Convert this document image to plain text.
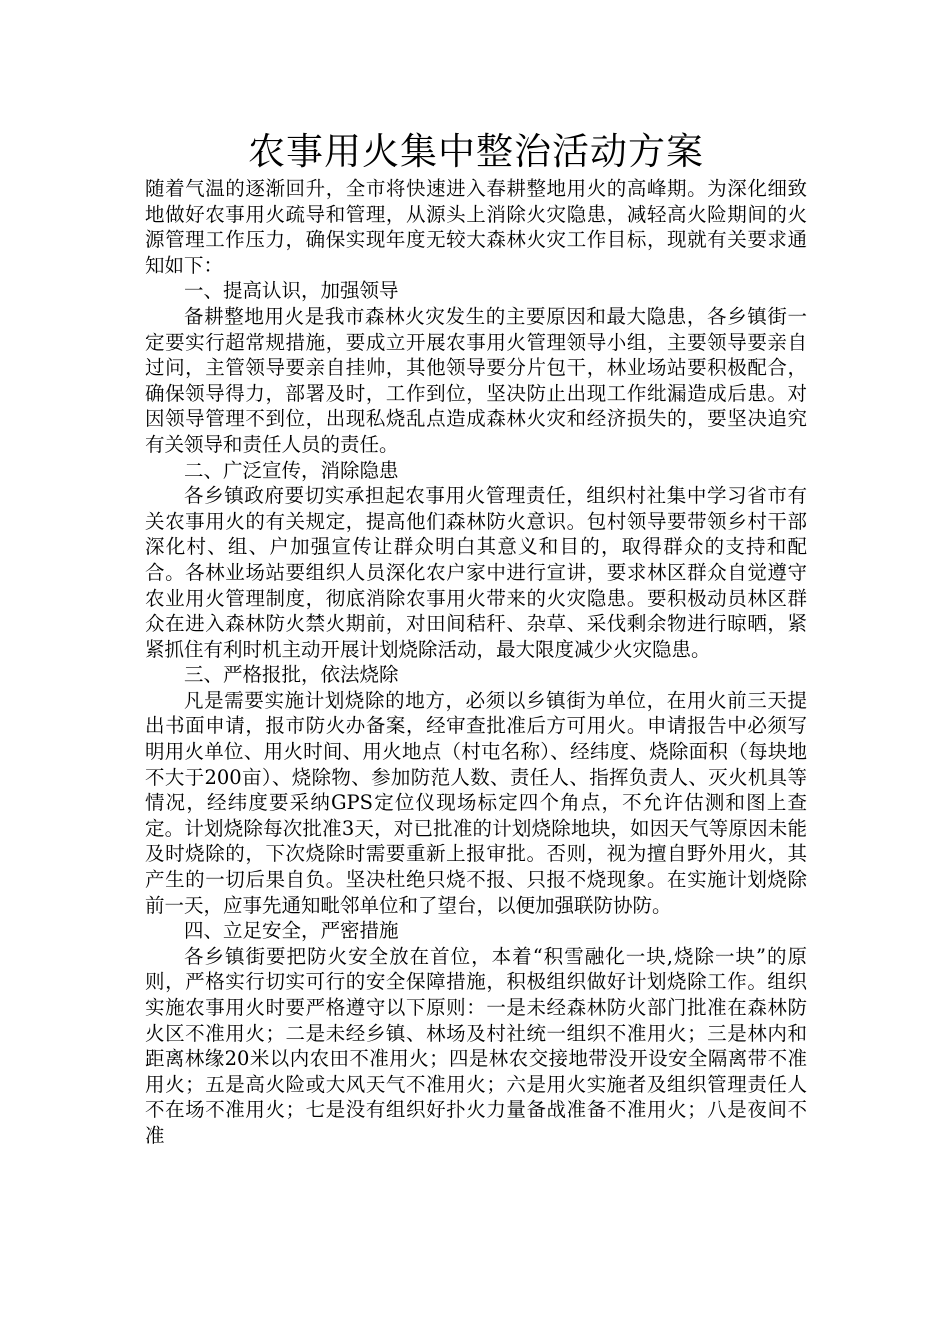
农事用火集中整治活动方案

随着气温的逐渐回升，全市将快速进入春耕整地用火的高峰期。为深化细致地做好农事用火疏导和管理，从源头上消除火灾隐患，减轻高火险期间的火源管理工作压力，确保实现年度无较大森林火灾工作目标，现就有关要求通知如下：

一、提高认识，加强领导

备耕整地用火是我市森林火灾发生的主要原因和最大隐患，各乡镇街一定要实行超常规措施，要成立开展农事用火管理领导小组，主要领导要亲自过问，主管领导要亲自挂帅，其他领导要分片包干，林业场站要积极配合，确保领导得力，部署及时，工作到位，坚决防止出现工作纰漏造成后患。对因领导管理不到位，出现私烧乱点造成森林火灾和经济损失的，要坚决追究有关领导和责任人员的责任。

二、广泛宣传，消除隐患

各乡镇政府要切实承担起农事用火管理责任，组织村社集中学习省市有关农事用火的有关规定，提高他们森林防火意识。包村领导要带领乡村干部深化村、组、户加强宣传让群众明白其意义和目的，取得群众的支持和配合。各林业场站要组织人员深化农户家中进行宣讲，要求林区群众自觉遵守农业用火管理制度，彻底消除农事用火带来的火灾隐患。要积极动员林区群众在进入森林防火禁火期前，对田间秸秆、杂草、采伐剩余物进行晾晒，紧紧抓住有利时机主动开展计划烧除活动，最大限度减少火灾隐患。

三、严格报批，依法烧除

凡是需要实施计划烧除的地方，必须以乡镇街为单位，在用火前三天提出书面申请，报市防火办备案，经审查批准后方可用火。申请报告中必须写明用火单位、用火时间、用火地点（村屯名称）、经纬度、烧除面积（每块地不大于200亩）、烧除物、参加防范人数、责任人、指挥负责人、灭火机具等情况，经纬度要采纳GPS定位仪现场标定四个角点，不允许估测和图上查定。计划烧除每次批准3天，对已批准的计划烧除地块，如因天气等原因未能及时烧除的，下次烧除时需要重新上报审批。否则，视为擅自野外用火，其产生的一切后果自负。坚决杜绝只烧不报、只报不烧现象。在实施计划烧除前一天，应事先通知毗邻单位和了望台，以便加强联防协防。

四、立足安全，严密措施

各乡镇街要把防火安全放在首位，本着“积雪融化一块,烧除一块”的原则，严格实行切实可行的安全保障措施，积极组织做好计划烧除工作。组织实施农事用火时要严格遵守以下原则：一是未经森林防火部门批准在森林防火区不准用火；二是未经乡镇、林场及村社统一组织不准用火；三是林内和距离林缘20米以内农田不准用火；四是林农交接地带没开设安全隔离带不准用火；五是高火险或大风天气不准用火；六是用火实施者及组织管理责任人不在场不准用火；七是没有组织好扑火力量备战准备不准用火；八是夜间不准
